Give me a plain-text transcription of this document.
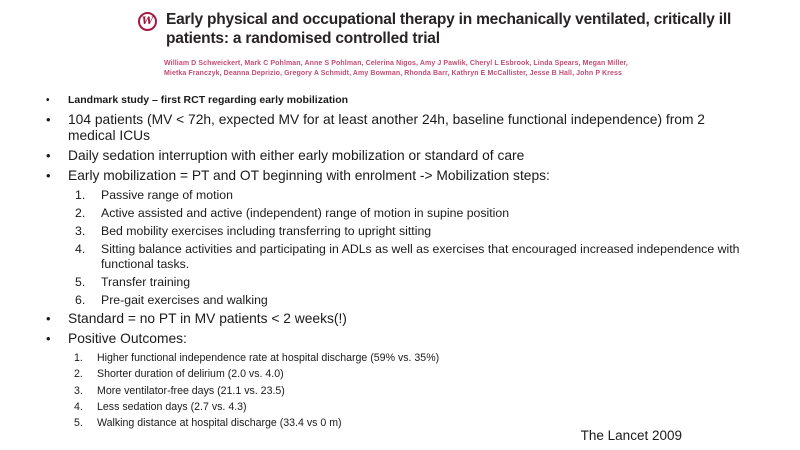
W Early physical and occupational therapy in mechanically ventilated, critically ill patients: a randomised controlled trial
William D Schweickert, Mark C Pohlman, Anne S Pohlman, Celerina Nigos, Amy J Pawlik, Cheryl L Esbrook, Linda Spears, Megan Miller,
Mietka Franczyk, Deanna Deprizio, Gregory A Schmidt, Amy Bowman, Rhonda Barr, Kathryn E McCallister, Jesse B Hall, John P Kress
• Landmark study – first RCT regarding early mobilization
• 104 patients (MV < 72h, expected MV for at least another 24h, baseline functional independence) from 2 medical ICUs
• Daily sedation interruption with either early mobilization or standard of care
• Early mobilization = PT and OT beginning with enrolment -> Mobilization steps:
Passive range of motion
Active assisted and active (independent) range of motion in supine position
Bed mobility exercises including transferring to upright sitting
Sitting balance activities and participating in ADLs as well as exercises that encouraged increased independence with functional tasks.
Transfer training
Pre-gait exercises and walking
• Standard = no PT in MV patients < 2 weeks(!)
• Positive Outcomes:
Higher functional independence rate at hospital discharge (59% vs. 35%)
Shorter duration of delirium (2.0 vs. 4.0)
More ventilator-free days (21.1 vs. 23.5)
Less sedation days (2.7 vs. 4.3)
Walking distance at hospital discharge (33.4 vs 0 m)
The Lancet 2009
